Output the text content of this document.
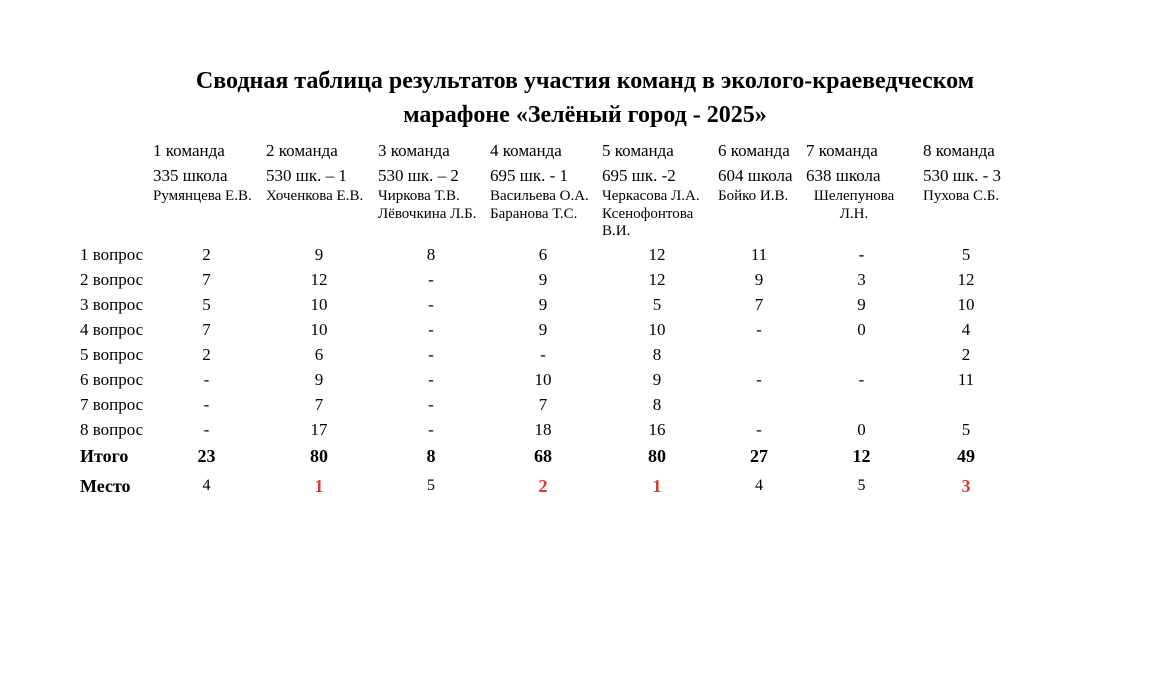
Сводная таблица результатов участия команд в эколого-краеведческом
марафоне «Зелёный город - 2025»

1 команда
335 школа
Румянцева Е.В.

2 команда
530 шк. – 1
Хоченкова Е.В.

3 команда
530 шк. – 2
Чиркова Т.В.
Лёвочкина Л.Б.

4 команда
695 шк. - 1
Васильева О.А.
Баранова Т.С.

5 команда
695 шк. -2
Черкасова Л.А.
Ксенофонтова
В.И.

6 команда
604 школа
Бойко И.В.

7 команда
638 школа
Шелепунова
Л.Н.

8 команда
530 шк. - 3
Пухова С.Б.

1 вопрос	2	9	8	6	12	11	-	5
2 вопрос	7	12	-	9	12	9	3	12
3 вопрос	5	10	-	9	5	7	9	10
4 вопрос	7	10	-	9	10	-	0	4
5 вопрос	2	6	-	-	8			2
6 вопрос	-	9	-	10	9	-	-	11
7 вопрос	-	7	-	7	8			
8 вопрос	-	17	-	18	16	-	0	5
Итого	23	80	8	68	80	27	12	49
Место	4	1	5	2	1	4	5	3
